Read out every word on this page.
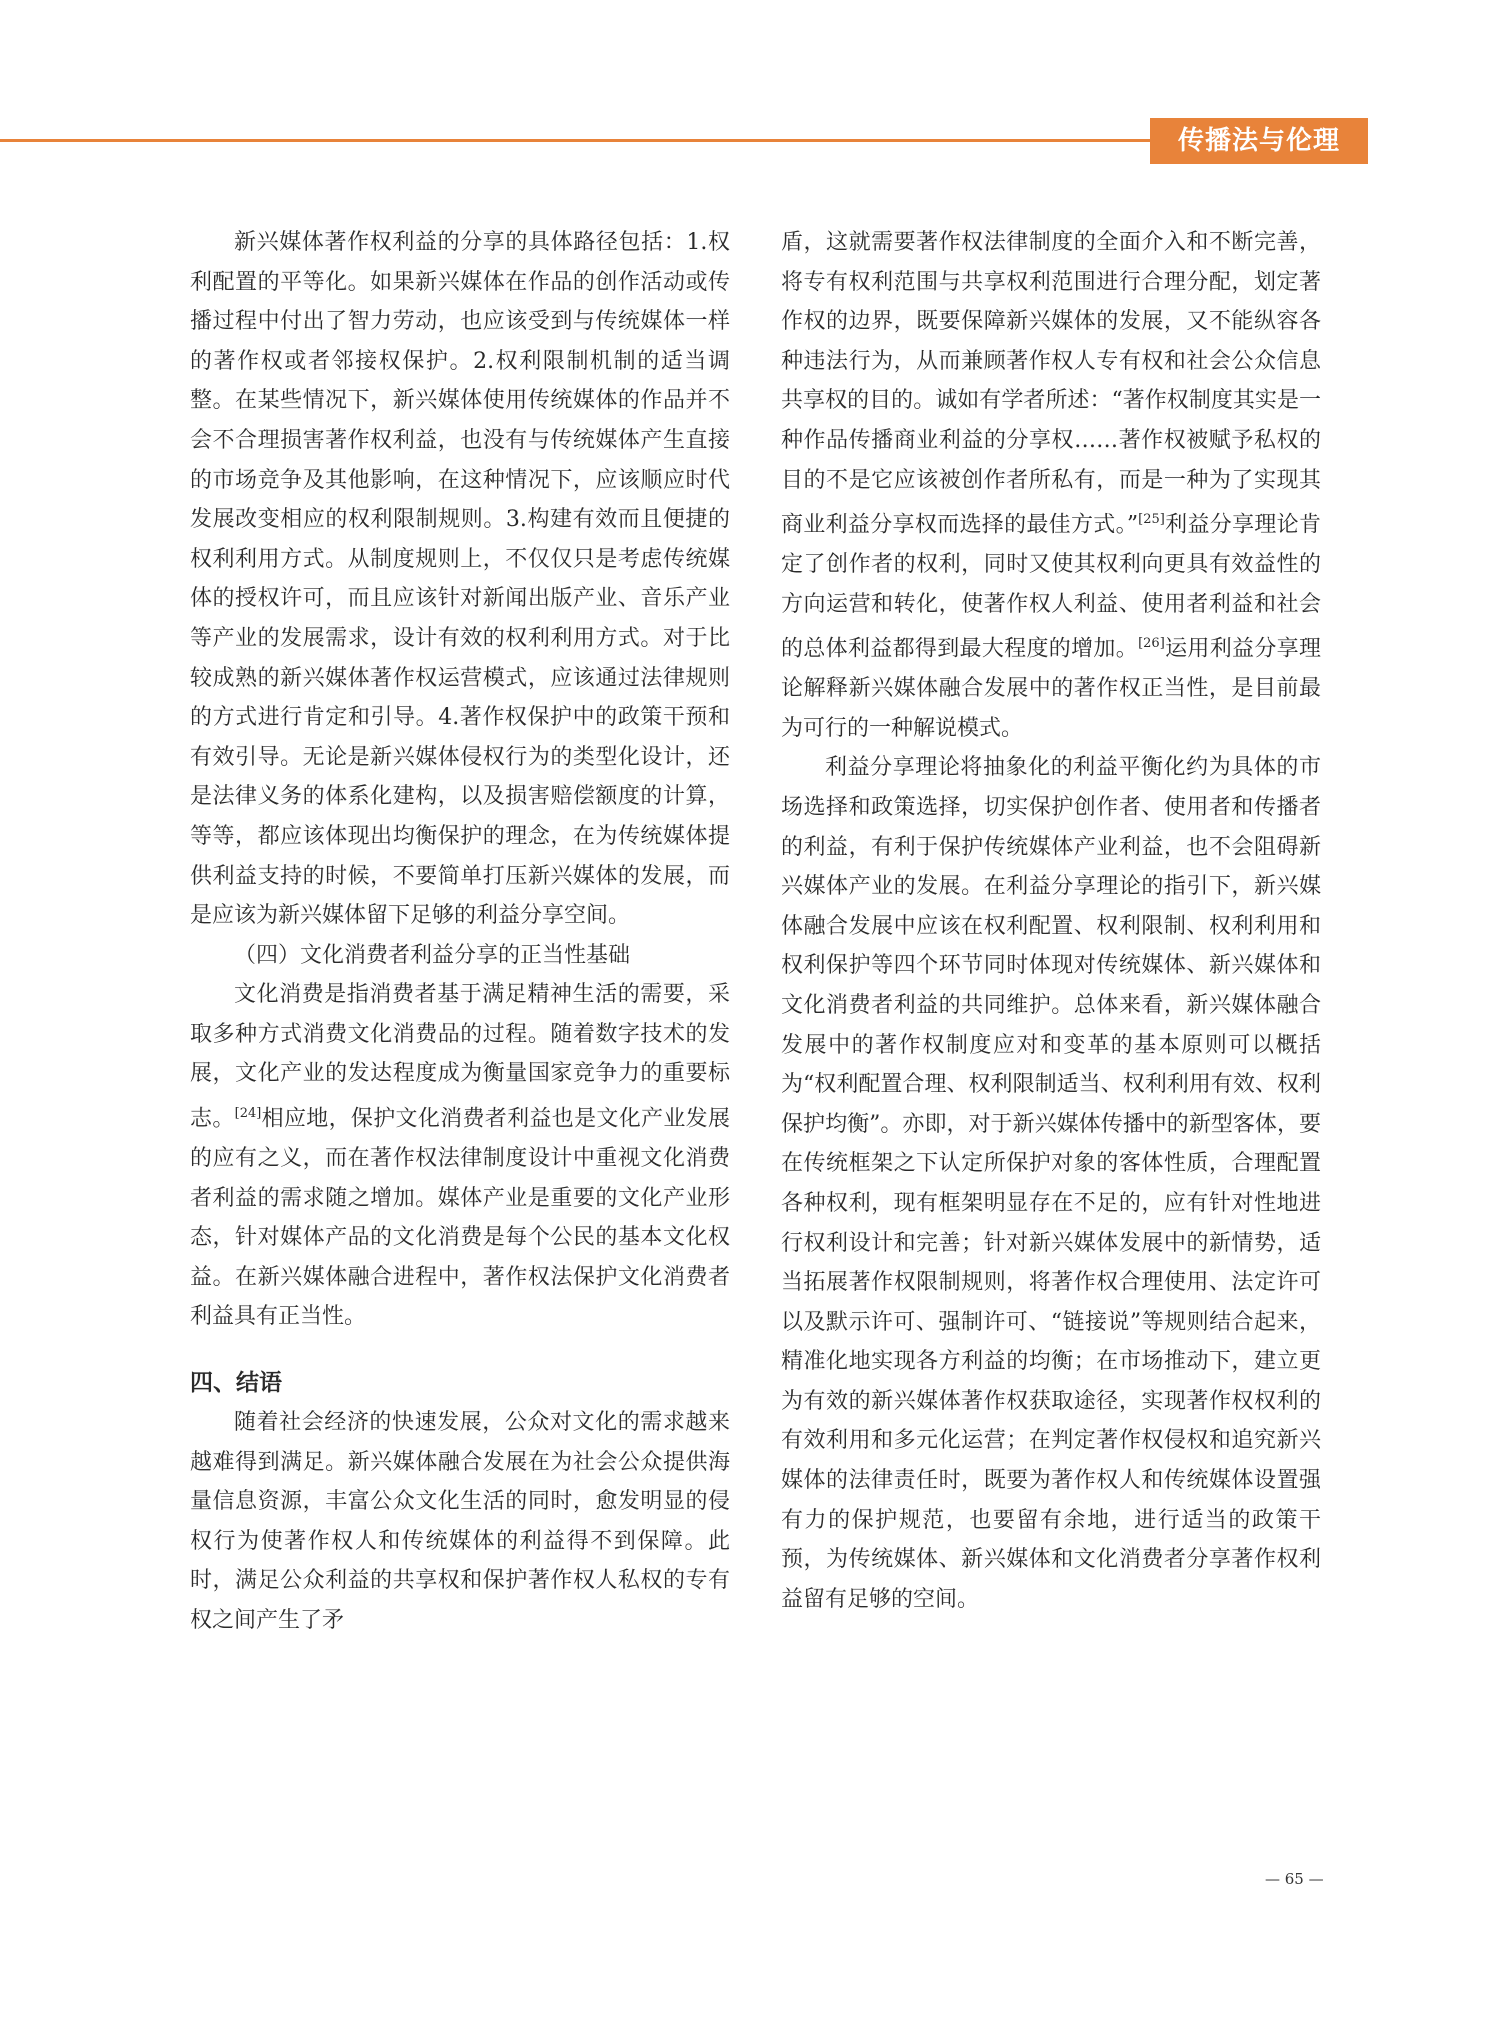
传播法与伦理

新兴媒体著作权利益的分享的具体路径包括：1.权利配置的平等化。如果新兴媒体在作品的创作活动或传播过程中付出了智力劳动，也应该受到与传统媒体一样的著作权或者邻接权保护。2.权利限制机制的适当调整。在某些情况下，新兴媒体使用传统媒体的作品并不会不合理损害著作权利益，也没有与传统媒体产生直接的市场竞争及其他影响，在这种情况下，应该顺应时代发展改变相应的权利限制规则。3.构建有效而且便捷的权利利用方式。从制度规则上，不仅仅只是考虑传统媒体的授权许可，而且应该针对新闻出版产业、音乐产业等产业的发展需求，设计有效的权利利用方式。对于比较成熟的新兴媒体著作权运营模式，应该通过法律规则的方式进行肯定和引导。4.著作权保护中的政策干预和有效引导。无论是新兴媒体侵权行为的类型化设计，还是法律义务的体系化建构，以及损害赔偿额度的计算，等等，都应该体现出均衡保护的理念，在为传统媒体提供利益支持的时候，不要简单打压新兴媒体的发展，而是应该为新兴媒体留下足够的利益分享空间。

（四）文化消费者利益分享的正当性基础

文化消费是指消费者基于满足精神生活的需要，采取多种方式消费文化消费品的过程。随着数字技术的发展，文化产业的发达程度成为衡量国家竞争力的重要标志。[24]相应地，保护文化消费者利益也是文化产业发展的应有之义，而在著作权法律制度设计中重视文化消费者利益的需求随之增加。媒体产业是重要的文化产业形态，针对媒体产品的文化消费是每个公民的基本文化权益。在新兴媒体融合进程中，著作权法保护文化消费者利益具有正当性。

四、结语

随着社会经济的快速发展，公众对文化的需求越来越难得到满足。新兴媒体融合发展在为社会公众提供海量信息资源，丰富公众文化生活的同时，愈发明显的侵权行为使著作权人和传统媒体的利益得不到保障。此时，满足公众利益的共享权和保护著作权人私权的专有权之间产生了矛

盾，这就需要著作权法律制度的全面介入和不断完善，将专有权利范围与共享权利范围进行合理分配，划定著作权的边界，既要保障新兴媒体的发展，又不能纵容各种违法行为，从而兼顾著作权人专有权和社会公众信息共享权的目的。诚如有学者所述：“著作权制度其实是一种作品传播商业利益的分享权……著作权被赋予私权的目的不是它应该被创作者所私有，而是一种为了实现其商业利益分享权而选择的最佳方式。”[25]利益分享理论肯定了创作者的权利，同时又使其权利向更具有效益性的方向运营和转化，使著作权人利益、使用者利益和社会的总体利益都得到最大程度的增加。[26]运用利益分享理论解释新兴媒体融合发展中的著作权正当性，是目前最为可行的一种解说模式。

利益分享理论将抽象化的利益平衡化约为具体的市场选择和政策选择，切实保护创作者、使用者和传播者的利益，有利于保护传统媒体产业利益，也不会阻碍新兴媒体产业的发展。在利益分享理论的指引下，新兴媒体融合发展中应该在权利配置、权利限制、权利利用和权利保护等四个环节同时体现对传统媒体、新兴媒体和文化消费者利益的共同维护。总体来看，新兴媒体融合发展中的著作权制度应对和变革的基本原则可以概括为“权利配置合理、权利限制适当、权利利用有效、权利保护均衡”。亦即，对于新兴媒体传播中的新型客体，要在传统框架之下认定所保护对象的客体性质，合理配置各种权利，现有框架明显存在不足的，应有针对性地进行权利设计和完善；针对新兴媒体发展中的新情势，适当拓展著作权限制规则，将著作权合理使用、法定许可以及默示许可、强制许可、“链接说”等规则结合起来，精准化地实现各方利益的均衡；在市场推动下，建立更为有效的新兴媒体著作权获取途径，实现著作权权利的有效利用和多元化运营；在判定著作权侵权和追究新兴媒体的法律责任时，既要为著作权人和传统媒体设置强有力的保护规范，也要留有余地，进行适当的政策干预，为传统媒体、新兴媒体和文化消费者分享著作权利益留有足够的空间。

— 65 —
